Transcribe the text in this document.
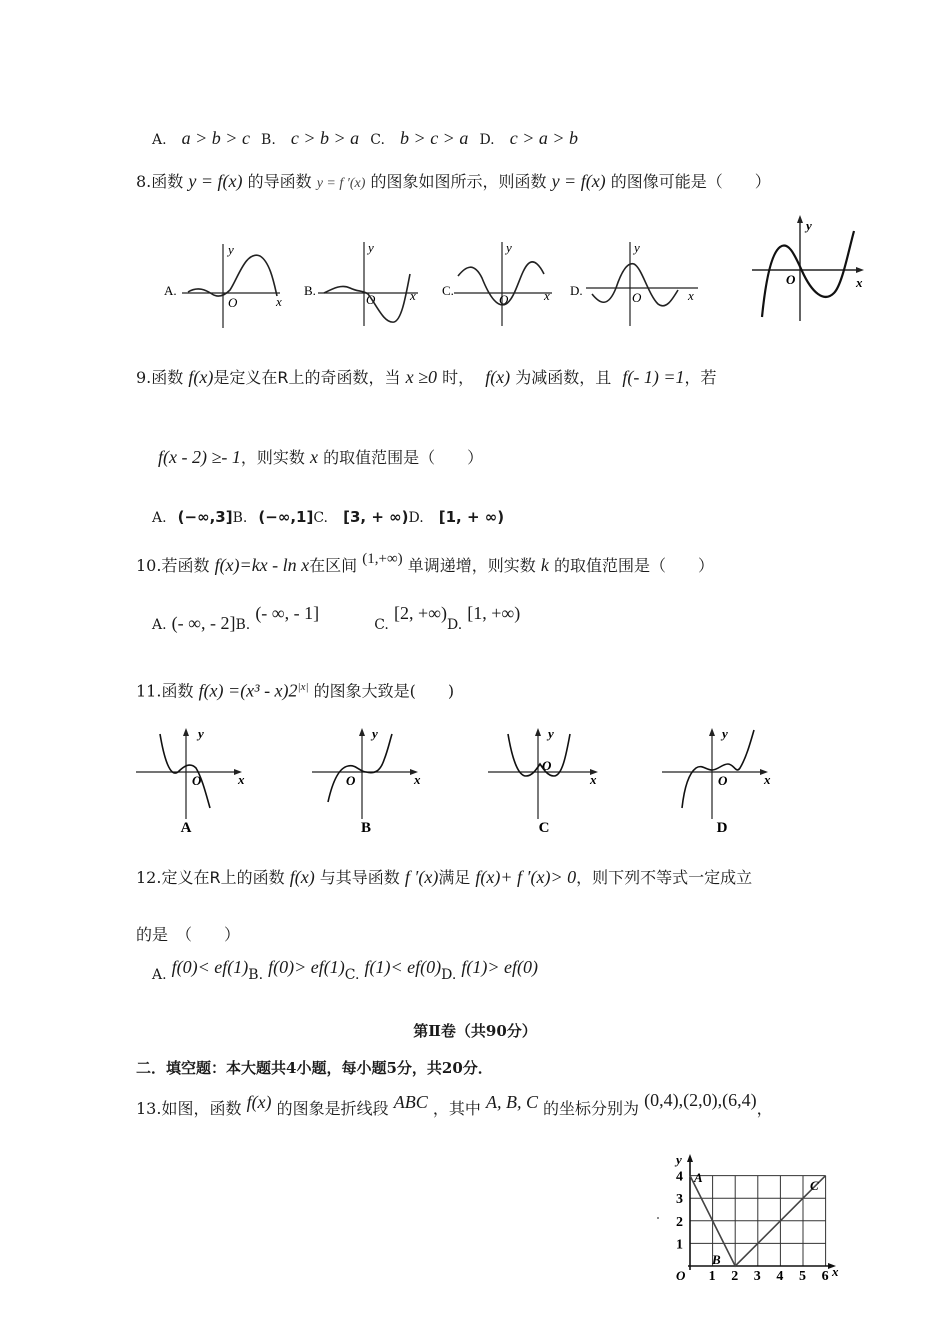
A. a > b > c B. c > b > a C. b > c > a D. c > a > b
8.函数 y = f(x) 的导函数 y = f ′(x) 的图象如图所示，则函数 y = f(x) 的图像可能是（　　）
A.
y
x
O
B.
y
x
O
C.
y
x
O
D.
y
x
O
y
x
O
9.函数 f(x)是定义在R上的奇函数，当 x ≥0 时， f(x) 为减函数，且 f(- 1) =1，若
f(x - 2) ≥- 1，则实数 x 的取值范围是（　　）
A. (−∞,3]B. (−∞,1]C. [3, + ∞)D. [1, + ∞)
10.若函数 f(x)=kx - ln x在区间 (1,+∞) 单调递增，则实数 k 的取值范围是（　　）
A. (- ∞, - 2]B. (- ∞, - 1] C. [2, +∞)D. [1, +∞)
11.函数 $f(x) =(x^3 - x)2^{|x|}$ 的图象大致是(　　)
y
x
O
A
y
x
O
B
y
x
O
C
y
x
O
D
12.定义在R上的函数 f(x) 与其导函数 f ′(x)满足 f(x)+ f ′(x)> 0，则下列不等式一定成立
的是　（　　）
A. f(0)< ef(1)B. f(0)> ef(1)C. f(1)< ef(0)D. f(1)> ef(0)
第Ⅱ卷（共90分）
二．填空题：本大题共4小题，每小题5分，共20分．
13.如图，函数 f(x) 的图象是折线段 ABC ，其中 A, B, C 的坐标分别为 (0,4),(2,0),(6,4)，
y
x
O
A
B
C
1 2 3 4 5 6
1
2
3
4
